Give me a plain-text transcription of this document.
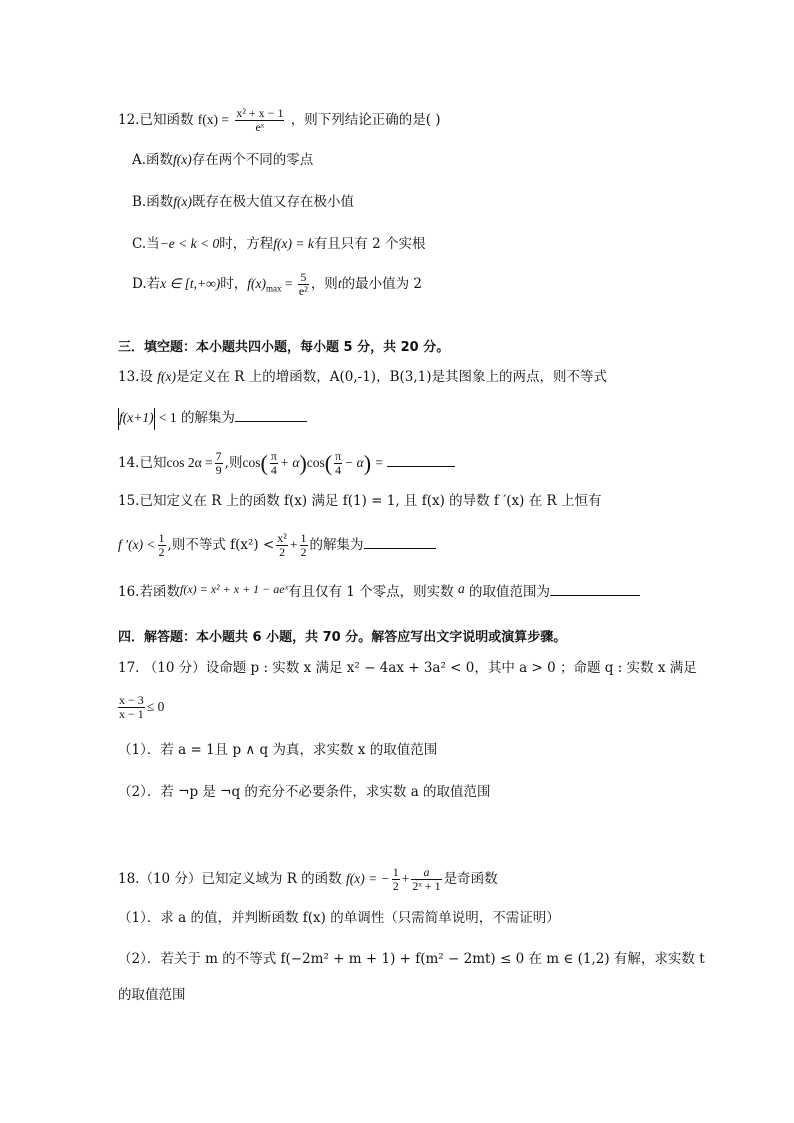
12.已知函数 $f(x) = \frac{\text{x² + x − 1}}{\text{eˣ}}$ ，则下列结论正确的是( )
A.函数f(x)存在两个不同的零点
B.函数f(x)既存在极大值又存在极小值
C.当−e < k < 0时，方程f(x) = k有且只有 2 个实根
D.若x ∈ [t,+∞)时，$f(x)_{max} = \frac{5}{\text{e²}}$ ，则t的最小值为 2
三．填空题：本小题共四小题，每小题 5 分，共 20 分。
13.设 f(x)是定义在 R 上的增函数，A(0,-1)，B(3,1)是其图象上的两点，则不等式
f(x+1) < 1 的解集为
14.已知$\cos 2\alpha = \frac{7}{9}$ ,则$\cos( \frac{\pi}{4} + \alpha)\cos( \frac{\pi}{4} - \alpha)$ =
15.已知定义在 R 上的函数 f(x) 满足 f(1) = 1, 且 f(x) 的导数 f ′(x) 在 R 上恒有
f $'(x) < \frac{1}{2}$ ,则不等式 $f(x^2) < \frac{\text{x²}}{2} + \frac{1}{2}$ 的解集为
16.若函数f(x) = x² + x + 1 − aeˣ有且仅有 1 个零点，则实数 a 的取值范围为
四．解答题：本小题共 6 小题，共 70 分。解答应写出文字说明或演算步骤。
17. （10 分）设命题 p : 实数 x 满足 x² − 4ax + 3a² < 0，其中 a > 0 ；命题 q : 实数 x 满足
$\frac{x - 3}{x - 1} \le 0$
（1）．若 a = 1且 p ∧ q 为真，求实数 x 的取值范围
（2）．若 ¬p 是 ¬q 的充分不必要条件，求实数 a 的取值范围
18.（10 分）已知定义域为 R 的函数 f(x) = − $\frac{1}{2} + \frac{a}{\text{2ˣ + 1}}$ 是奇函数
（1）．求 a 的值，并判断函数 f(x) 的单调性（只需简单说明，不需证明）
（2）．若关于 m 的不等式 f(−2m² + m + 1) + f(m² − 2mt) ≤ 0 在 m ∈ (1,2) 有解，求实数 t
的取值范围
